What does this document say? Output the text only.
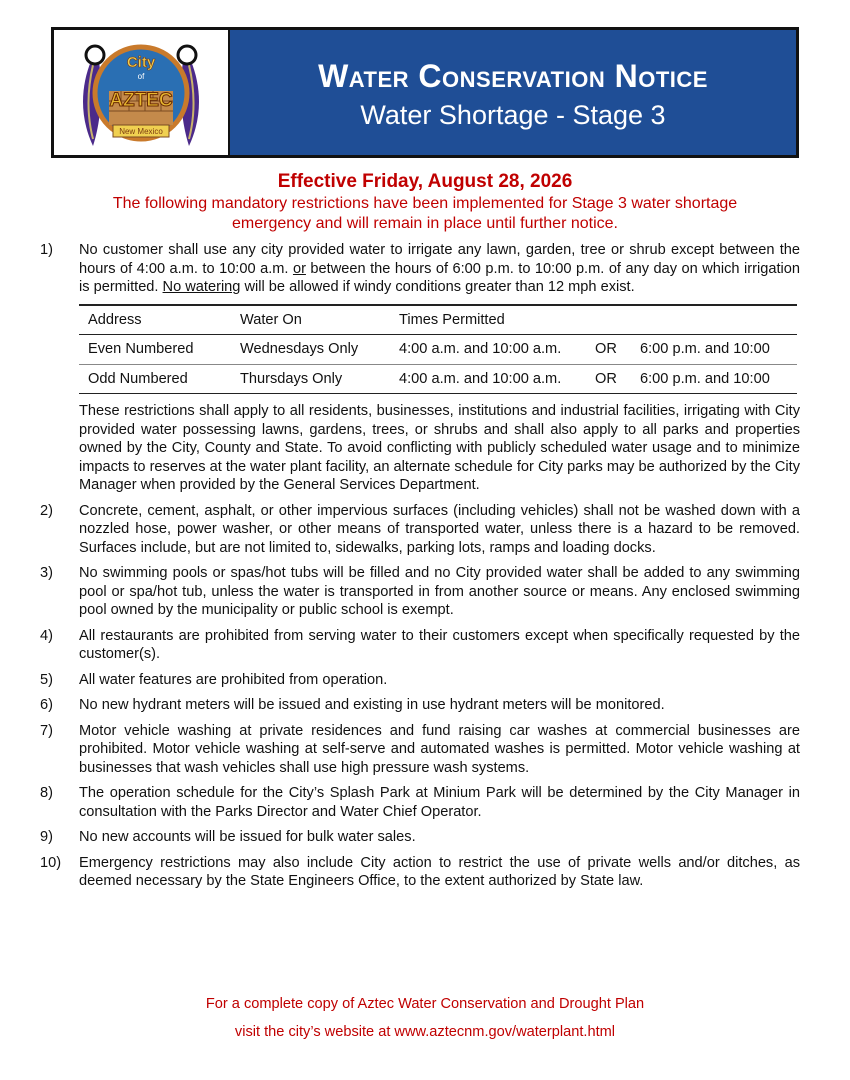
City
of
AZTEC
New Mexico
Water Conservation Notice
Water Shortage - Stage 3
Effective Friday, August 28, 2026
The following mandatory restrictions have been implemented for Stage 3 water shortage emergency and will remain in place until further notice.
1) No customer shall use any city provided water to irrigate any lawn, garden, tree or shrub except between the hours of 4:00 a.m. to 10:00 a.m. or between the hours of 6:00 p.m. to 10:00 p.m. of any day on which irrigation is permitted. No watering will be allowed if windy conditions greater than 12 mph exist.
Address	Water On	Times Permitted		
Even Numbered	Wednesdays Only	4:00 a.m. and 10:00 a.m.	OR	6:00 p.m. and 10:00
Odd Numbered	Thursdays Only	4:00 a.m. and 10:00 a.m.	OR	6:00 p.m. and 10:00
These restrictions shall apply to all residents, businesses, institutions and industrial facilities, irrigating with City provided water possessing lawns, gardens, trees, or shrubs and shall also apply to all parks and properties owned by the City, County and State. To avoid conflicting with publicly scheduled water usage and to minimize impacts to reserves at the water plant facility, an alternate schedule for City parks may be authorized by the City Manager when provided by the General Services Department.
2) Concrete, cement, asphalt, or other impervious surfaces (including vehicles) shall not be washed down with a nozzled hose, power washer, or other means of transported water, unless there is a hazard to be removed. Surfaces include, but are not limited to, sidewalks, parking lots, ramps and loading docks.
3) No swimming pools or spas/hot tubs will be filled and no City provided water shall be added to any swimming pool or spa/hot tub, unless the water is transported in from another source or means. Any enclosed swimming pool owned by the municipality or public school is exempt.
4) All restaurants are prohibited from serving water to their customers except when specifically requested by the customer(s).
5) All water features are prohibited from operation.
6) No new hydrant meters will be issued and existing in use hydrant meters will be monitored.
7) Motor vehicle washing at private residences and fund raising car washes at commercial businesses are prohibited. Motor vehicle washing at self-serve and automated washes is permitted. Motor vehicle washing at businesses that wash vehicles shall use high pressure wash systems.
8) The operation schedule for the City’s Splash Park at Minium Park will be determined by the City Manager in consultation with the Parks Director and Water Chief Operator.
9) No new accounts will be issued for bulk water sales.
10) Emergency restrictions may also include City action to restrict the use of private wells and/or ditches, as deemed necessary by the State Engineers Office, to the extent authorized by State law.
For a complete copy of Aztec Water Conservation and Drought Plan
visit the city’s website at www.aztecnm.gov/waterplant.html
